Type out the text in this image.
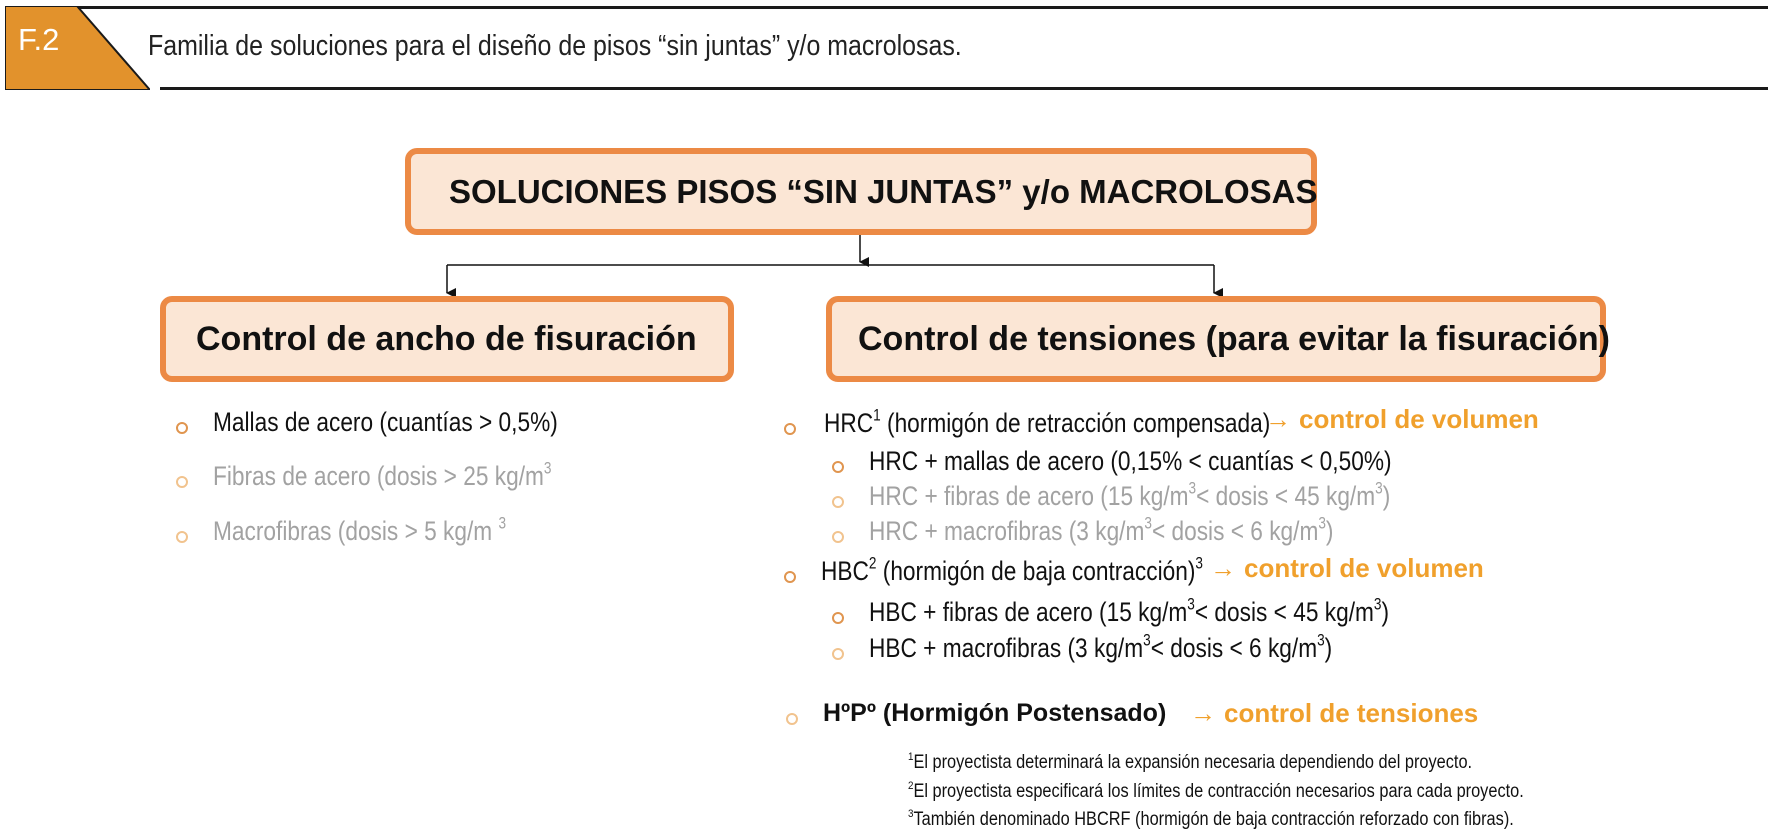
F.2	Familia de soluciones para el diseño de pisos “sin juntas” y/o macrolosas.
SOLUCIONES PISOS “SIN JUNTAS” y/o MACROLOSAS
Control de ancho de fisuración	Control de tensiones (para evitar la fisuración)
Mallas de acero (cuantías > 0,5%)
Fibras de acero (dosis > 25 $kg/m^3$
Macrofibras (dosis > 5 kg/m $^3$
HRC$^1$ (hormigón de retracción compensada)
→ control de volumen
HRC + mallas de acero (0,15% < cuantías < 0,50%)
HRC + fibras de acero (15 $kg/m^3<$ dosis < 45 $kg/m^3$)
HRC + macrofibras (3 $kg/m^3<$ dosis < 6 $kg/m^3$)
HBC$^2$ (hormigón de baja contracción)$^3$ → control de volumen
HBC + fibras de acero (15 $kg/m^3<$ dosis < 45 $kg/m^3$)
HBC + macrofibras (3 $kg/m^3<$ dosis < 6 $kg/m^3$)
HºPº (Hormigón Postensado) → control de tensiones
$^1$El proyectista determinará la expansión necesaria dependiendo del proyecto.
$^2$El proyectista especificará los límites de contracción necesarios para cada proyecto.
$^3$También denominado HBCRF (hormigón de baja contracción reforzado con fibras).
